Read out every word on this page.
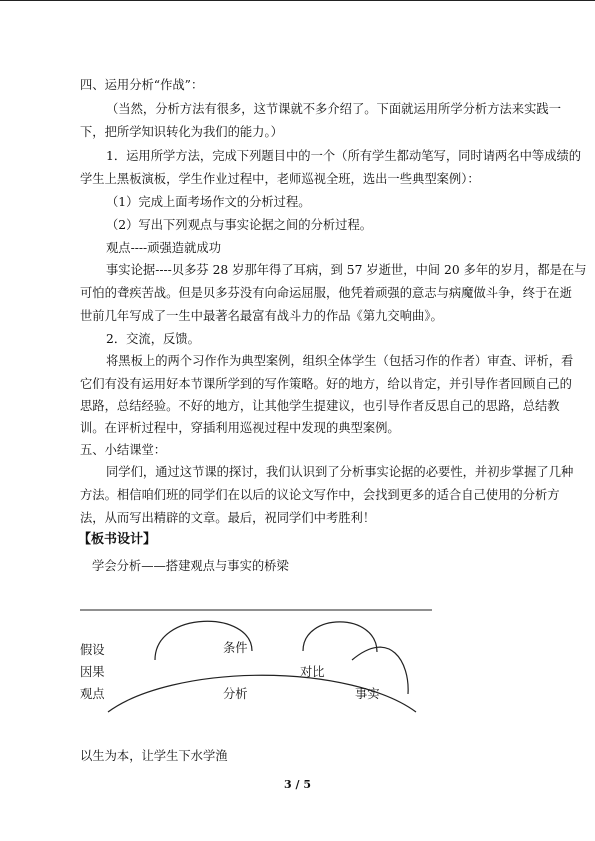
四、运用分析“作战”：
（当然，分析方法有很多，这节课就不多介绍了。下面就运用所学分析方法来实践一
下，把所学知识转化为我们的能力。）
1．运用所学方法，完成下列题目中的一个（所有学生都动笔写，同时请两名中等成绩的
学生上黑板演板，学生作业过程中，老师巡视全班，选出一些典型案例）：
（1）完成上面考场作文的分析过程。
（2）写出下列观点与事实论据之间的分析过程。
观点----顽强造就成功
事实论据----贝多芬 28 岁那年得了耳病，到 57 岁逝世，中间 20 多年的岁月，都是在与
可怕的聋疾苦战。但是贝多芬没有向命运屈服，他凭着顽强的意志与病魔做斗争，终于在逝
世前几年写成了一生中最著名最富有战斗力的作品《第九交响曲》。
2．交流，反馈。
将黑板上的两个习作作为典型案例，组织全体学生（包括习作的作者）审查、评析，看
它们有没有运用好本节课所学到的写作策略。好的地方，给以肯定，并引导作者回顾自己的
思路，总结经验。不好的地方，让其他学生提建议，也引导作者反思自己的思路，总结教
训。在评析过程中，穿插利用巡视过程中发现的典型案例。
五、小结课堂：
同学们，通过这节课的探讨，我们认识到了分析事实论据的必要性，并初步掌握了几种
方法。相信咱们班的同学们在以后的议论文写作中，会找到更多的适合自己使用的分析方
法，从而写出精辟的文章。最后，祝同学们中考胜利！
【板书设计】
学会分析——搭建观点与事实的桥梁
假设	条件
因果	对比
观点	分析	事实
以生为本，让学生下水学渔
3 / 5
